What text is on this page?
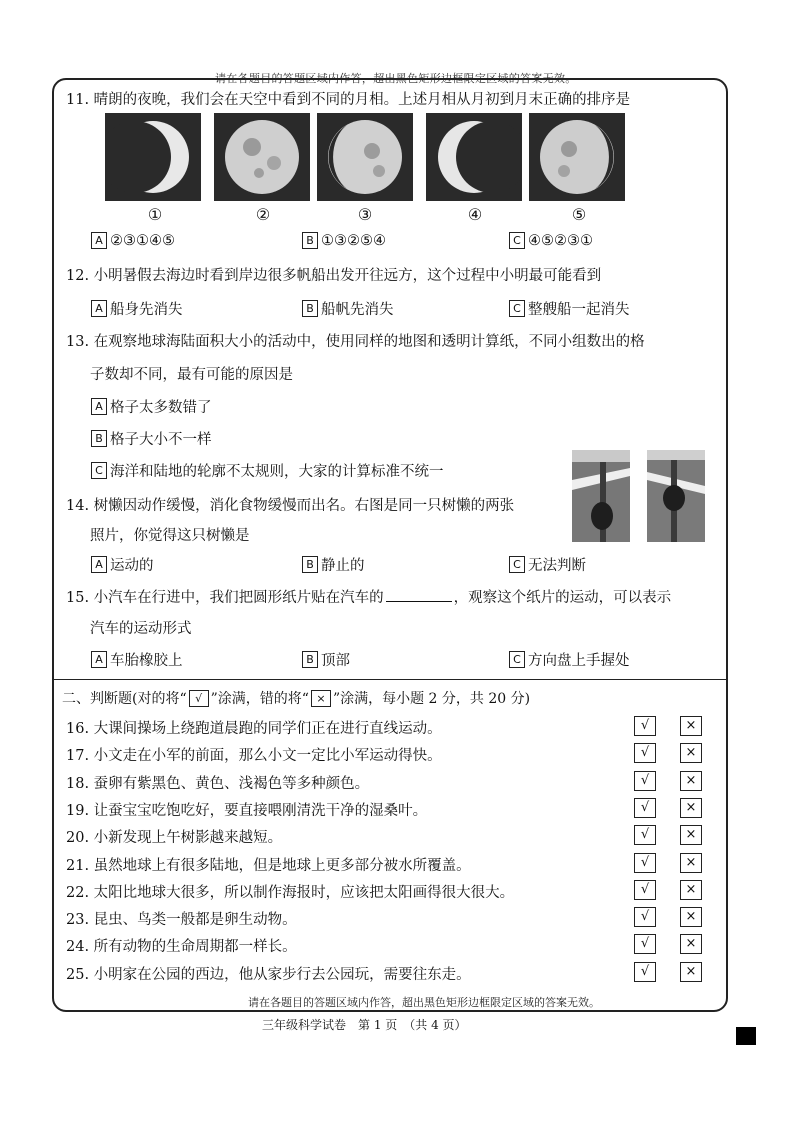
请在各题目的答题区域内作答，超出黑色矩形边框限定区域的答案无效。
11. 晴朗的夜晚，我们会在天空中看到不同的月相。上述月相从月初到月末正确的排序是
①	②	③	④	⑤
A ②③①④⑤	B ①③②⑤④	C ④⑤②③①
12. 小明暑假去海边时看到岸边很多帆船出发开往远方，这个过程中小明最可能看到
A 船身先消失	B 船帆先消失	C 整艘船一起消失
13. 在观察地球海陆面积大小的活动中，使用同样的地图和透明计算纸，不同小组数出的格
子数却不同，最有可能的原因是
A 格子太多数错了
B 格子大小不一样
C 海洋和陆地的轮廓不太规则，大家的计算标准不统一
14. 树懒因动作缓慢，消化食物缓慢而出名。右图是同一只树懒的两张
照片，你觉得这只树懒是
A 运动的	B 静止的	C 无法判断
15. 小汽车在行进中，我们把圆形纸片贴在汽车的	，观察这个纸片的运动，可以表示
汽车的运动形式
A 车胎橡胶上	B 顶部	C 方向盘上手握处
二、判断题(对的将“ √ ”涂满，错的将“ × ”涂满，每小题 2 分，共 20 分)
16. 大课间操场上绕跑道晨跑的同学们正在进行直线运动。	√	×
17. 小文走在小军的前面，那么小文一定比小军运动得快。	√	×
18. 蚕卵有紫黑色、黄色、浅褐色等多种颜色。	√	×
19. 让蚕宝宝吃饱吃好，要直接喂刚清洗干净的湿桑叶。	√	×
20. 小新发现上午树影越来越短。	√	×
21. 虽然地球上有很多陆地，但是地球上更多部分被水所覆盖。	√	×
22. 太阳比地球大很多，所以制作海报时，应该把太阳画得很大很大。	√	×
23. 昆虫、鸟类一般都是卵生动物。	√	×
24. 所有动物的生命周期都一样长。	√	×
25. 小明家在公园的西边，他从家步行去公园玩，需要往东走。	√	×
请在各题目的答题区域内作答，超出黑色矩形边框限定区域的答案无效。
三年级科学试卷　第 1 页　（共 4 页）
